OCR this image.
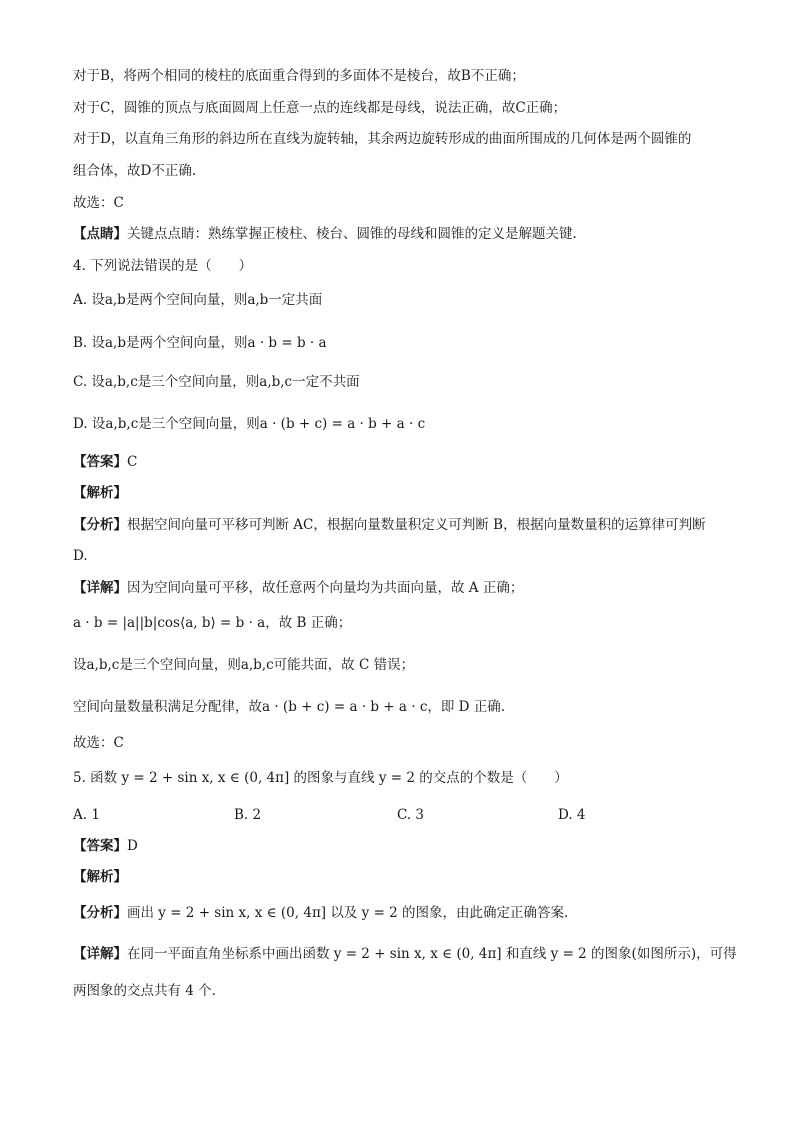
对于B，将两个相同的棱柱的底面重合得到的多面体不是棱台，故B不正确；
对于C，圆锥的顶点与底面圆周上任意一点的连线都是母线，说法正确，故C正确；
对于D，以直角三角形的斜边所在直线为旋转轴，其余两边旋转形成的曲面所围成的几何体是两个圆锥的
组合体，故D不正确.
故选：C
【点睛】关键点点睛：熟练掌握正棱柱、棱台、圆锥的母线和圆锥的定义是解题关键.
4. 下列说法错误的是（　　）
A. 设a,b是两个空间向量，则a,b一定共面
B. 设a,b是两个空间向量，则a · b = b · a
C. 设a,b,c是三个空间向量，则a,b,c一定不共面
D. 设a,b,c是三个空间向量，则a · (b + c) = a · b + a · c
【答案】C
【解析】
【分析】根据空间向量可平移可判断 AC，根据向量数量积定义可判断 B，根据向量数量积的运算律可判断
D.
【详解】因为空间向量可平移，故任意两个向量均为共面向量，故 A 正确；
a · b = |a||b|cos⟨a, b⟩ = b · a，故 B 正确；
设a,b,c是三个空间向量，则a,b,c可能共面，故 C 错误；
空间向量数量积满足分配律，故a · (b + c) = a · b + a · c，即 D 正确.
故选：C
5. 函数 y = 2 + sin x, x ∈ (0, 4π] 的图象与直线 y = 2 的交点的个数是（　　）
A. 1	B. 2	C. 3	D. 4
【答案】D
【解析】
【分析】画出 y = 2 + sin x, x ∈ (0, 4π] 以及 y = 2 的图象，由此确定正确答案.
【详解】在同一平面直角坐标系中画出函数 y = 2 + sin x, x ∈ (0, 4π] 和直线 y = 2 的图象(如图所示)，可得
两图象的交点共有 4 个.
